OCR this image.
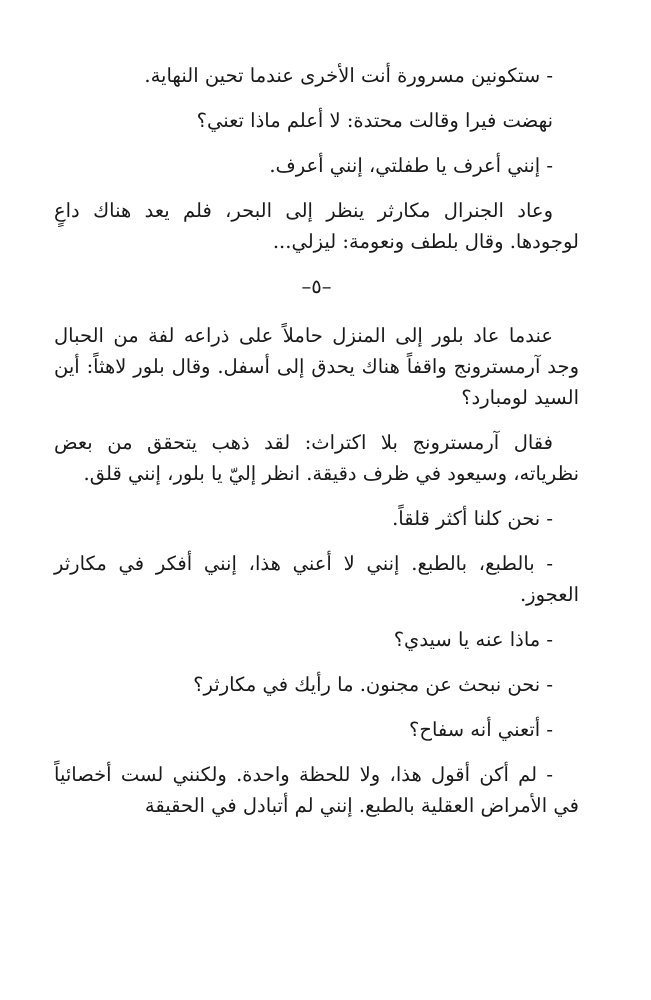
- ستكونين مسرورة أنت الأخرى عندما تحين النهاية.

نهضت فيرا وقالت محتدة: لا أعلم ماذا تعني؟

- إنني أعرف يا طفلتي، إنني أعرف.

وعاد الجنرال مكارثر ينظر إلى البحر، فلم يعد هناك داعٍ لوجودها. وقال بلطف ونعومة: ليزلي...

–٥–

عندما عاد بلور إلى المنزل حاملاً على ذراعه لفة من الحبال وجد آرمسترونج واقفاً هناك يحدق إلى أسفل. وقال بلور لاهثاً: أين السيد لومبارد؟

فقال آرمسترونج بلا اكتراث: لقد ذهب يتحقق من بعض نظرياته، وسيعود في ظرف دقيقة. انظر إليّ يا بلور، إنني قلق.

- نحن كلنا أكثر قلقاً.

- بالطبع، بالطبع. إنني لا أعني هذا، إنني أفكر في مكارثر العجوز.

- ماذا عنه يا سيدي؟

- نحن نبحث عن مجنون. ما رأيك في مكارثر؟

- أتعني أنه سفاح؟

- لم أكن أقول هذا، ولا للحظة واحدة. ولكنني لست أخصائياً في الأمراض العقلية بالطبع. إنني لم أتبادل في الحقيقة
